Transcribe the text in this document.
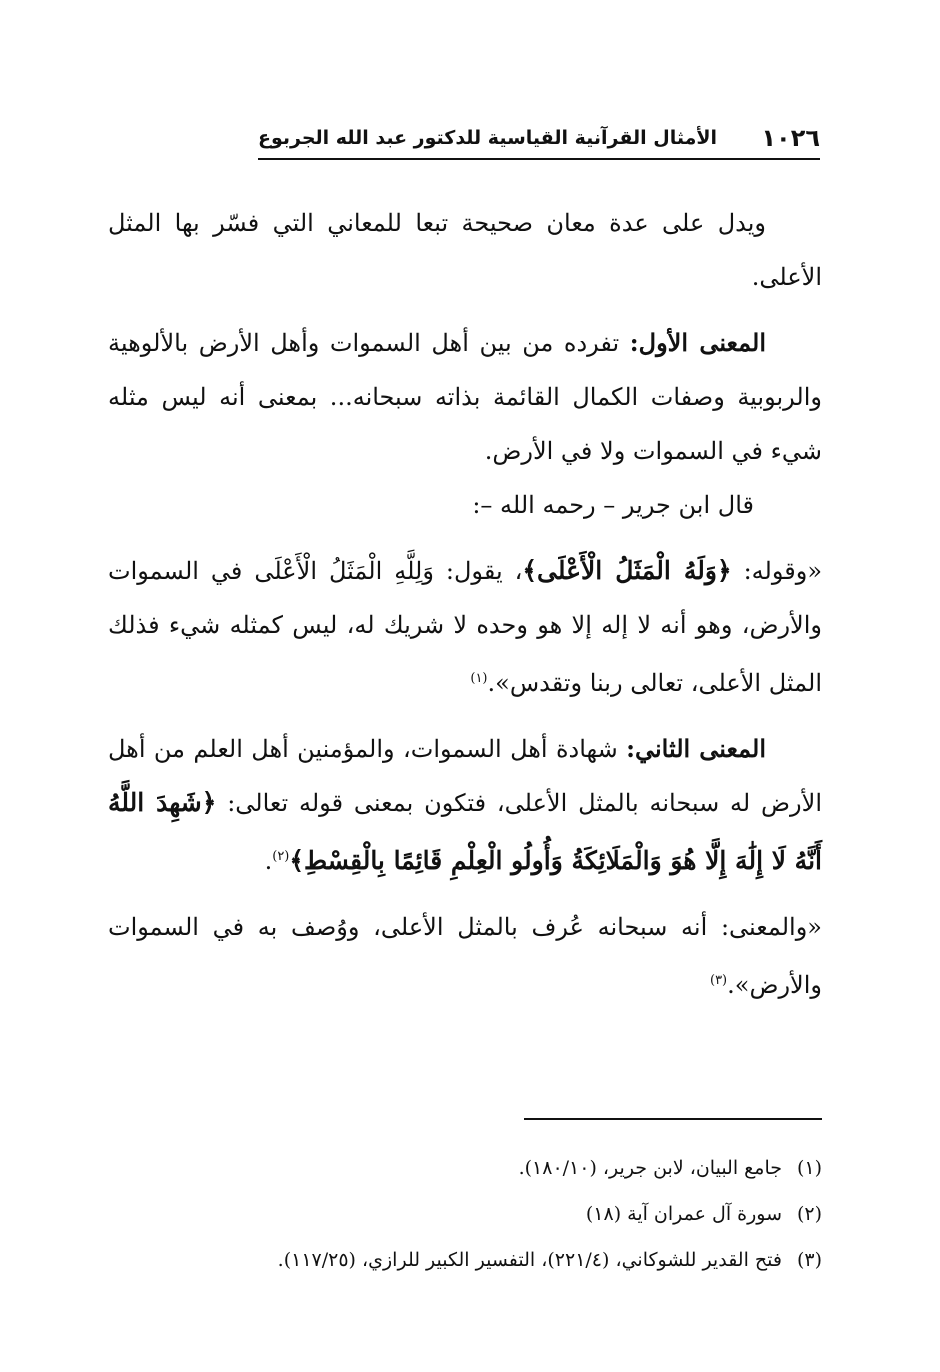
١٠٢٦
الأمثال القرآنية القياسية للدكتور عبد الله الجربوع

ويدل على عدة معان صحيحة تبعا للمعاني التي فسّر بها المثل الأعلى.

المعنى الأول: تفرده من بين أهل السموات وأهل الأرض بالألوهية والربوبية وصفات الكمال القائمة بذاته سبحانه... بمعنى أنه ليس مثله شيء في السموات ولا في الأرض.

قال ابن جرير – رحمه الله –:

«وقوله: ﴿وَلَهُ الْمَثَلُ الْأَعْلَى﴾، يقول: وَلِلَّهِ الْمَثَلُ الْأَعْلَى في السموات والأرض، وهو أنه لا إله إلا هو وحده لا شريك له، ليس كمثله شيء فذلك المثل الأعلى، تعالى ربنا وتقدس».$^{(١)}$

المعنى الثاني: شهادة أهل السموات، والمؤمنين أهل العلم من أهل الأرض له سبحانه بالمثل الأعلى، فتكون بمعنى قوله تعالى: ﴿شَهِدَ اللَّهُ أَنَّهُ لَا إِلَٰهَ إِلَّا هُوَ وَالْمَلَائِكَةُ وَأُولُو الْعِلْمِ قَائِمًا بِالْقِسْطِ﴾$^{(٢)}$.

«والمعنى: أنه سبحانه عُرف بالمثل الأعلى، ووُصف به في السموات والأرض».$^{(٣)}$

(١)جامع البيان، لابن جرير، (١٨٠/١٠).
(٢)سورة آل عمران آية (١٨)
(٣)فتح القدير للشوكاني، (٢٢١/٤)، التفسير الكبير للرازي، (١١٧/٢٥).
